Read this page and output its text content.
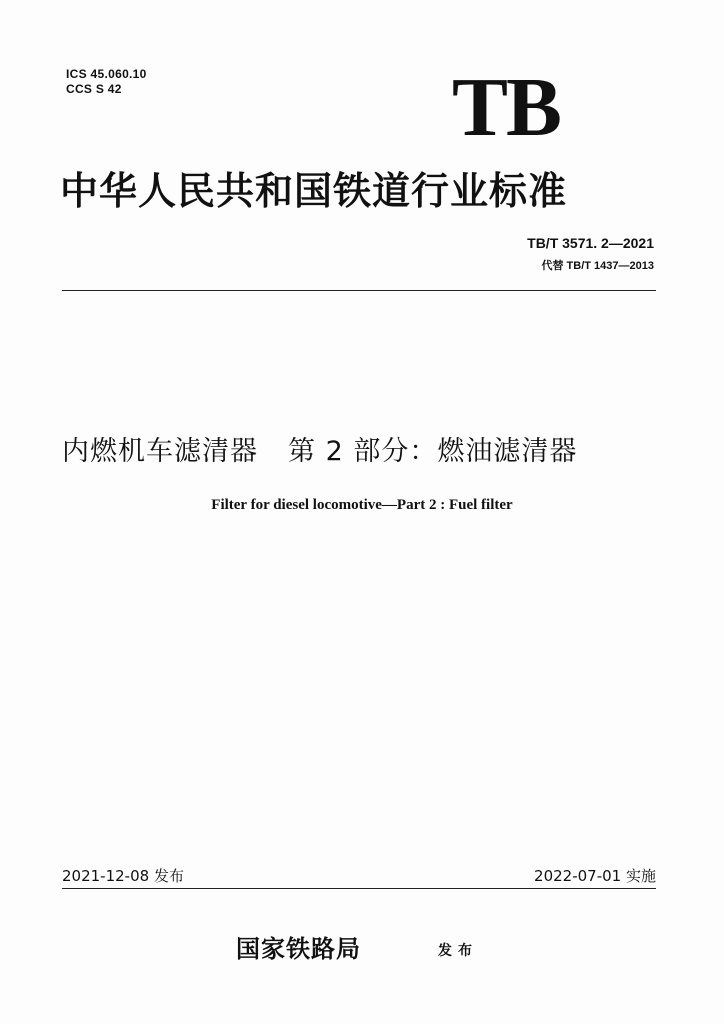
ICS 45.060.10
CCS S 42	TB
中华人民共和国铁道行业标准
TB/T 3571. 2—2021
代替 TB/T 1437—2013
内燃机车滤清器 第 2 部分：燃油滤清器
Filter for diesel locomotive—Part 2 : Fuel filter
2021-12-08 发布	2022-07-01 实施
国家铁路局	发布
